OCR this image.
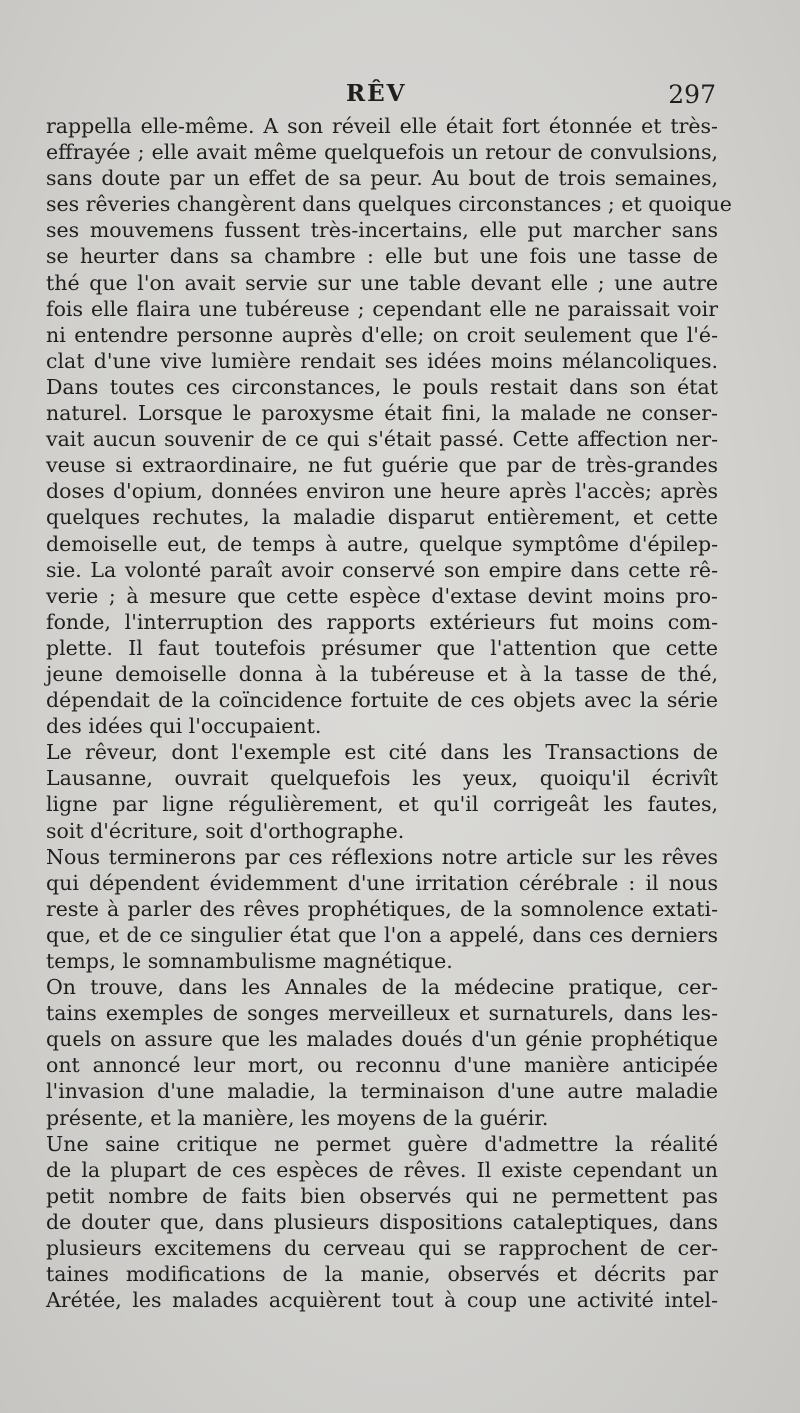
RÊV	297
rappella elle-même. A son réveil elle était fort étonnée et très-
effrayée ; elle avait même quelquefois un retour de convulsions,
sans doute par un effet de sa peur. Au bout de trois semaines,
ses rêveries changèrent dans quelques circonstances ; et quoique
ses mouvemens fussent très-incertains, elle put marcher sans
se heurter dans sa chambre : elle but une fois une tasse de
thé que l'on avait servie sur une table devant elle ; une autre
fois elle flaira une tubéreuse ; cependant elle ne paraissait voir
ni entendre personne auprès d'elle; on croit seulement que l'é-
clat d'une vive lumière rendait ses idées moins mélancoliques.
Dans toutes ces circonstances, le pouls restait dans son état
naturel. Lorsque le paroxysme était fini, la malade ne conser-
vait aucun souvenir de ce qui s'était passé. Cette affection ner-
veuse si extraordinaire, ne fut guérie que par de très-grandes
doses d'opium, données environ une heure après l'accès; après
quelques rechutes, la maladie disparut entièrement, et cette
demoiselle eut, de temps à autre, quelque symptôme d'épilep-
sie. La volonté paraît avoir conservé son empire dans cette rê-
verie ; à mesure que cette espèce d'extase devint moins pro-
fonde, l'interruption des rapports extérieurs fut moins com-
plette. Il faut toutefois présumer que l'attention que cette
jeune demoiselle donna à la tubéreuse et à la tasse de thé,
dépendait de la coïncidence fortuite de ces objets avec la série
des idées qui l'occupaient.
Le rêveur, dont l'exemple est cité dans les Transactions de
Lausanne, ouvrait quelquefois les yeux, quoiqu'il écrivît
ligne par ligne régulièrement, et qu'il corrigeât les fautes,
soit d'écriture, soit d'orthographe.
Nous terminerons par ces réflexions notre article sur les rêves
qui dépendent évidemment d'une irritation cérébrale : il nous
reste à parler des rêves prophétiques, de la somnolence extati-
que, et de ce singulier état que l'on a appelé, dans ces derniers
temps, le somnambulisme magnétique.
On trouve, dans les Annales de la médecine pratique, cer-
tains exemples de songes merveilleux et surnaturels, dans les-
quels on assure que les malades doués d'un génie prophétique
ont annoncé leur mort, ou reconnu d'une manière anticipée
l'invasion d'une maladie, la terminaison d'une autre maladie
présente, et la manière, les moyens de la guérir.
Une saine critique ne permet guère d'admettre la réalité
de la plupart de ces espèces de rêves. Il existe cependant un
petit nombre de faits bien observés qui ne permettent pas
de douter que, dans plusieurs dispositions cataleptiques, dans
plusieurs excitemens du cerveau qui se rapprochent de cer-
taines modifications de la manie, observés et décrits par
Arétée, les malades acquièrent tout à coup une activité intel-
